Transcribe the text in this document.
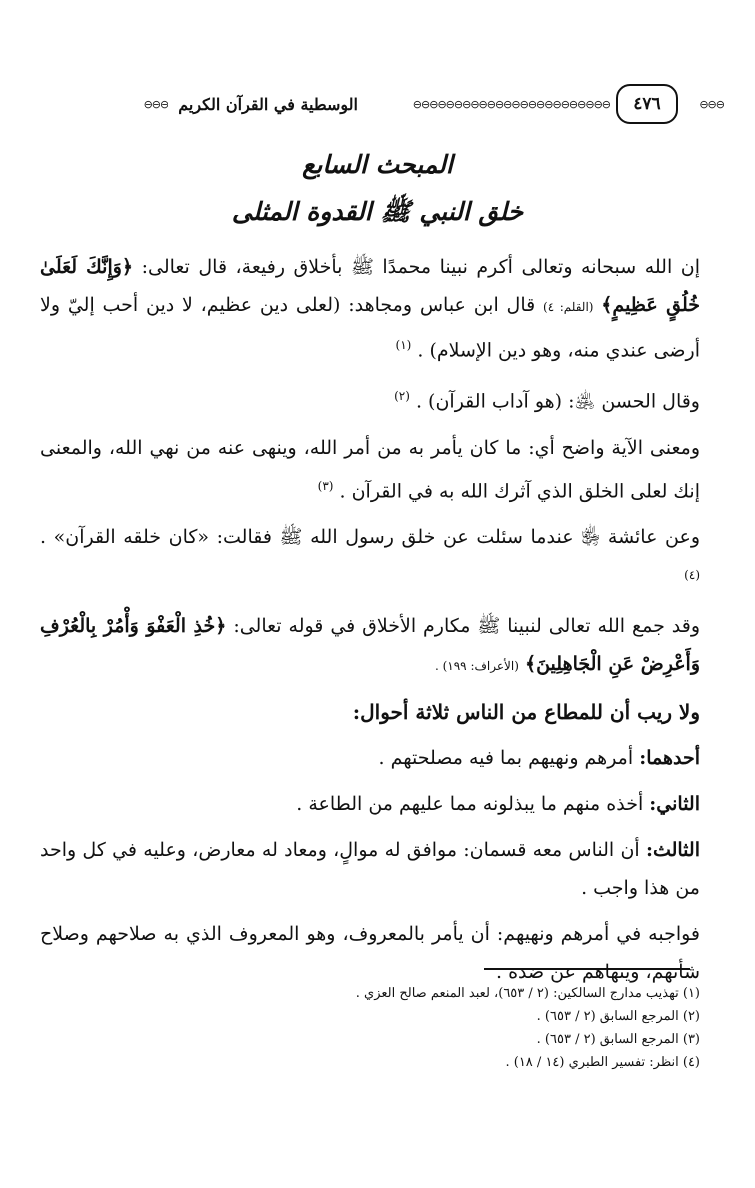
⊖⊖⊖
٤٧٦
⊖⊖⊖⊖⊖⊖⊖⊖⊖⊖⊖⊖⊖⊖⊖⊖⊖⊖⊖⊖⊖⊖⊖⊖
الوسطية في القرآن الكريم
⊖⊖⊖
المبحث السابع
خلق النبي ﷺ القدوة المثلى

إن الله سبحانه وتعالى أكرم نبينا محمدًا ﷺ بأخلاق رفيعة، قال تعالى: ﴿وَإِنَّكَ لَعَلَىٰ خُلُقٍ عَظِيمٍ﴾ (القلم: ٤) قال ابن عباس ومجاهد: (لعلى دين عظيم، لا دين أحب إليّ ولا أرضى عندي منه، وهو دين الإسلام) . $^{(١)}$

وقال الحسن ﵁: (هو آداب القرآن) . $^{(٢)}$

ومعنى الآية واضح أي: ما كان يأمر به من أمر الله، وينهى عنه من نهي الله، والمعنى إنك لعلى الخلق الذي آثرك الله به في القرآن . $^{(٣)}$

وعن عائشة ﵂ عندما سئلت عن خلق رسول الله ﷺ فقالت: «كان خلقه القرآن» . $^{(٤)}$

وقد جمع الله تعالى لنبينا ﷺ مكارم الأخلاق في قوله تعالى: ﴿خُذِ الْعَفْوَ وَأْمُرْ بِالْعُرْفِ وَأَعْرِضْ عَنِ الْجَاهِلِينَ﴾ (الأعراف: ١٩٩) .

ولا ريب أن للمطاع من الناس ثلاثة أحوال:

أحدهما: أمرهم ونهيهم بما فيه مصلحتهم .

الثاني: أخذه منهم ما يبذلونه مما عليهم من الطاعة .

الثالث: أن الناس معه قسمان: موافق له موالٍ، ومعاد له معارض، وعليه في كل واحد من هذا واجب .

فواجبه في أمرهم ونهيهم: أن يأمر بالمعروف، وهو المعروف الذي به صلاحهم وصلاح شأنهم، وينهاهم عن ضده .

(١) تهذيب مدارج السالكين: (٢ / ٦٥٣)، لعبد المنعم صالح العزي .
(٢) المرجع السابق (٢ / ٦٥٣) .
(٣) المرجع السابق (٢ / ٦٥٣) .
(٤) انظر: تفسير الطبري (١٤ / ١٨) .
